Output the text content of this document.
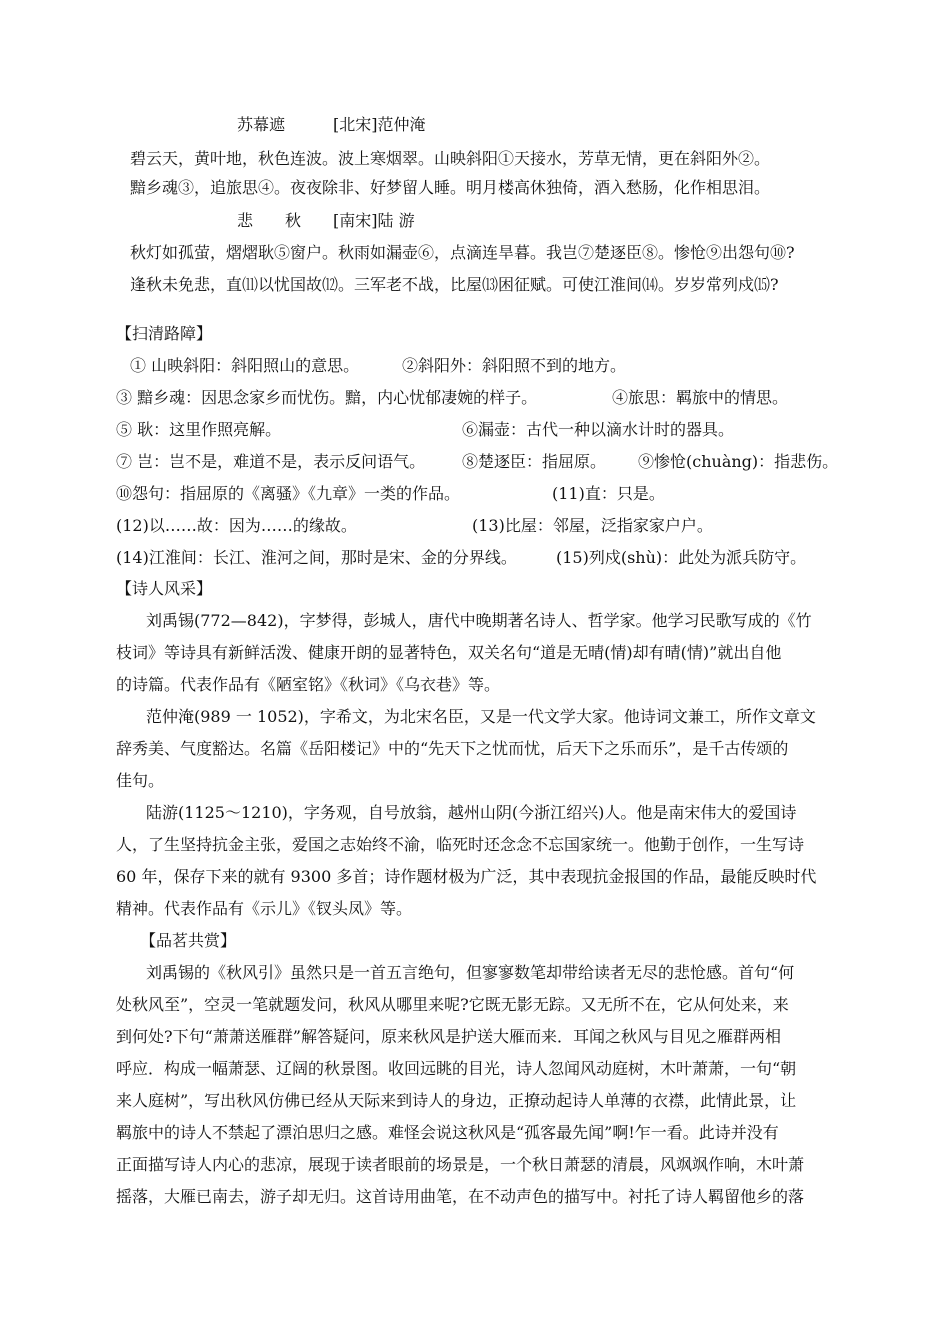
苏幕遮	[北宋]范仲淹
碧云天，黄叶地，秋色连波。波上寒烟翠。山映斜阳①天接水，芳草无情，更在斜阳外②。
黯乡魂③，追旅思④。夜夜除非、好梦留人睡。明月楼高休独倚，酒入愁肠，化作相思泪。
悲　　秋 [南宋]陆 游
秋灯如孤萤，熠熠耿⑤窗户。秋雨如漏壶⑥，点滴连旱暮。我岂⑦楚逐臣⑧。惨怆⑨出怨句⑩?
逢秋未免悲，直⑾以忧国故⑿。三军老不战，比屋⒀困征赋。可使江淮间⒁。岁岁常列戍⒂?
【扫清路障】
① 山映斜阳：斜阳照山的意思。	②斜阳外：斜阳照不到的地方。
③ 黯乡魂：因思念家乡而忧伤。黯，内心忧郁凄婉的样子。	④旅思：羁旅中的情思。
⑤ 耿：这里作照亮解。	⑥漏壶：古代一种以滴水计时的器具。
⑦ 岂：岂不是，难道不是，表示反问语气。 ⑧楚逐臣：指屈原。 ⑨惨怆(chuàng)：指悲伤。
⑩怨句：指屈原的《离骚》《九章》一类的作品。	(11)直：只是。
(12)以……故：因为……的缘故。	(13)比屋：邻屋，泛指家家户户。
(14)江淮间：长江、淮河之间，那时是宋、金的分界线。 (15)列戍(shù)：此处为派兵防守。
【诗人风采】
刘禹锡(772—842)，字梦得，彭城人，唐代中晚期著名诗人、哲学家。他学习民歌写成的《竹
枝词》等诗具有新鲜活泼、健康开朗的显著特色，双关名句“道是无晴(情)却有晴(情)”就出自他
的诗篇。代表作品有《陋室铭》《秋词》《乌衣巷》等。
范仲淹(989 一 1052)，字希文，为北宋名臣，又是一代文学大家。他诗词文兼工，所作文章文
辞秀美、气度豁达。名篇《岳阳楼记》中的“先天下之忧而忧，后天下之乐而乐”，是千古传颂的
佳句。
陆游(1125～1210)，字务观，自号放翁，越州山阴(今浙江绍兴)人。他是南宋伟大的爱国诗
人，了生坚持抗金主张，爱国之志始终不渝，临死时还念念不忘国家统一。他勤于创作，一生写诗
60 年，保存下来的就有 9300 多首；诗作题材极为广泛，其中表现抗金报国的作品，最能反映时代
精神。代表作品有《示儿》《钗头凤》等。
【品茗共赏】
刘禹锡的《秋风引》虽然只是一首五言绝句，但寥寥数笔却带给读者无尽的悲怆感。首句“何
处秋风至”，空灵一笔就题发问，秋风从哪里来呢?它既无影无踪。又无所不在，它从何处来，来
到何处?下句“萧萧送雁群”解答疑问，原来秋风是护送大雁而来．耳闻之秋风与目见之雁群两相
呼应．构成一幅萧瑟、辽阔的秋景图。收回远眺的目光，诗人忽闻风动庭树，木叶萧萧，一句“朝
来人庭树”，写出秋风仿佛已经从天际来到诗人的身边，正撩动起诗人单薄的衣襟，此情此景，让
羁旅中的诗人不禁起了漂泊思归之感。难怪会说这秋风是“孤客最先闻”啊!乍一看。此诗并没有
正面描写诗人内心的悲凉，展现于读者眼前的场景是，一个秋日萧瑟的清晨，风飒飒作响，木叶萧
摇落，大雁已南去，游子却无归。这首诗用曲笔，在不动声色的描写中。衬托了诗人羁留他乡的落
